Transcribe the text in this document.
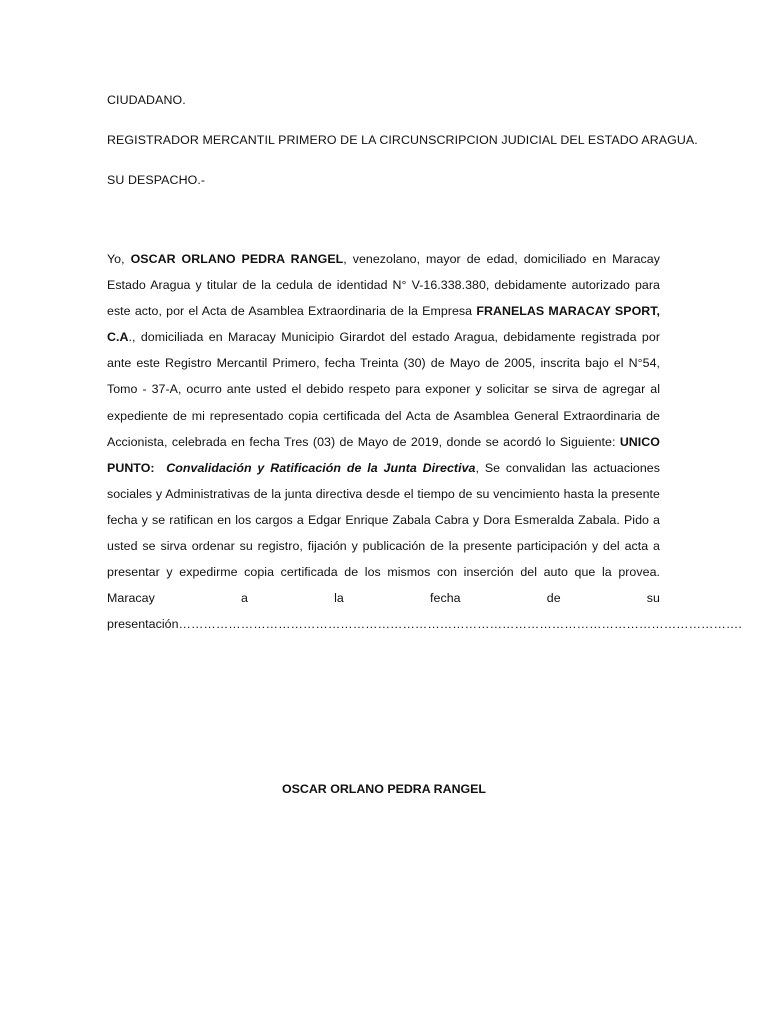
CIUDADANO.
REGISTRADOR MERCANTIL PRIMERO DE LA CIRCUNSCRIPCION JUDICIAL DEL ESTADO ARAGUA.
SU DESPACHO.-
Yo, OSCAR ORLANO PEDRA RANGEL, venezolano, mayor de edad, domiciliado en Maracay Estado Aragua y titular de la cedula de identidad N° V-16.338.380, debidamente autorizado para este acto, por el Acta de Asamblea Extraordinaria de la Empresa FRANELAS MARACAY SPORT, C.A., domiciliada en Maracay Municipio Girardot del estado Aragua, debidamente registrada por ante este Registro Mercantil Primero, fecha Treinta (30) de Mayo de 2005, inscrita bajo el N°54, Tomo - 37-A, ocurro ante usted el debido respeto para exponer y solicitar se sirva de agregar al expediente de mi representado copia certificada del Acta de Asamblea General Extraordinaria de Accionista, celebrada en fecha Tres (03) de Mayo de 2019, donde se acordó lo Siguiente: UNICO PUNTO: Convalidación y Ratificación de la Junta Directiva, Se convalidan las actuaciones sociales y Administrativas de la junta directiva desde el tiempo de su vencimiento hasta la presente fecha y se ratifican en los cargos a Edgar Enrique Zabala Cabra y Dora Esmeralda Zabala. Pido a usted se sirva ordenar su registro, fijación y publicación de la presente participación y del acta a presentar y expedirme copia certificada de los mismos con inserción del auto que la provea. Maracay a la fecha de su presentación……………………………………………………………………………………………………………………….
OSCAR ORLANO PEDRA RANGEL
